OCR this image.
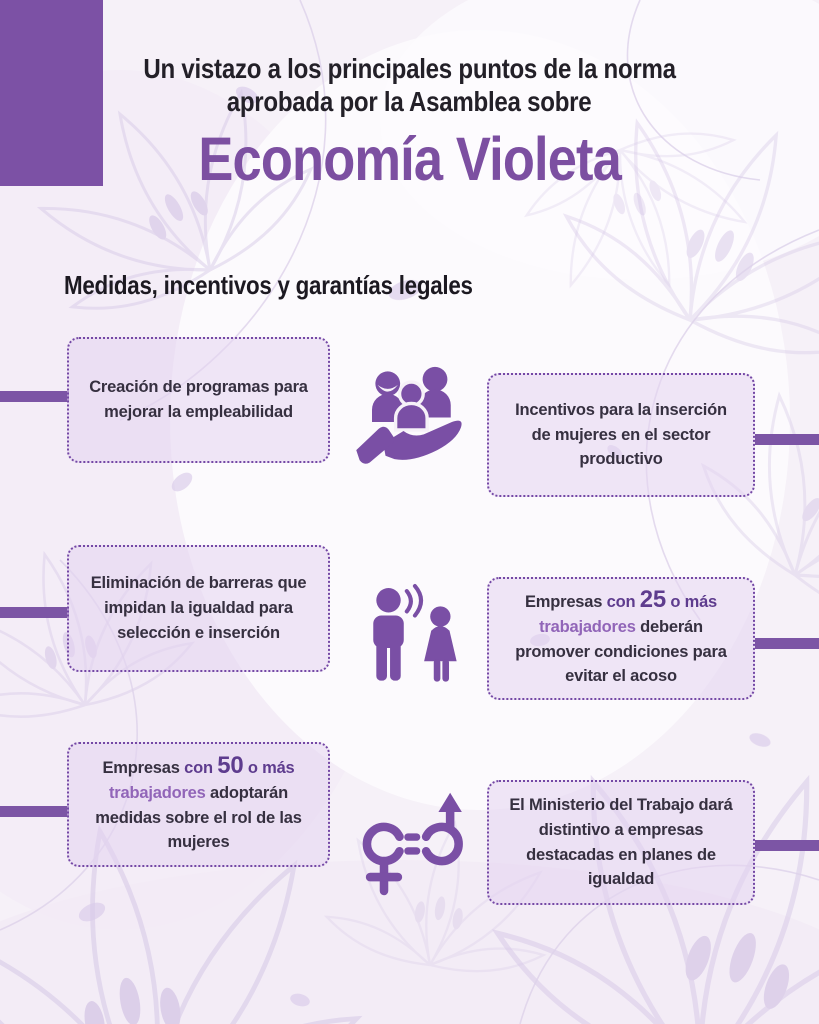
Un vistazo a los principales puntos de la norma
aprobada por la Asamblea sobre
Economía Violeta
Medidas, incentivos y garantías legales

Creación de programas para mejorar la empleabilidad	Incentivos para la inserción de mujeres en el sector productivo

Eliminación de barreras que impidan la igualdad para selección e inserción

Empresas con 25 o más trabajadores deberán promover condiciones para evitar el acoso

Empresas con 50 o más trabajadores adoptarán medidas sobre el rol de las mujeres

El Ministerio del Trabajo dará distintivo a empresas destacadas en planes de igualdad
